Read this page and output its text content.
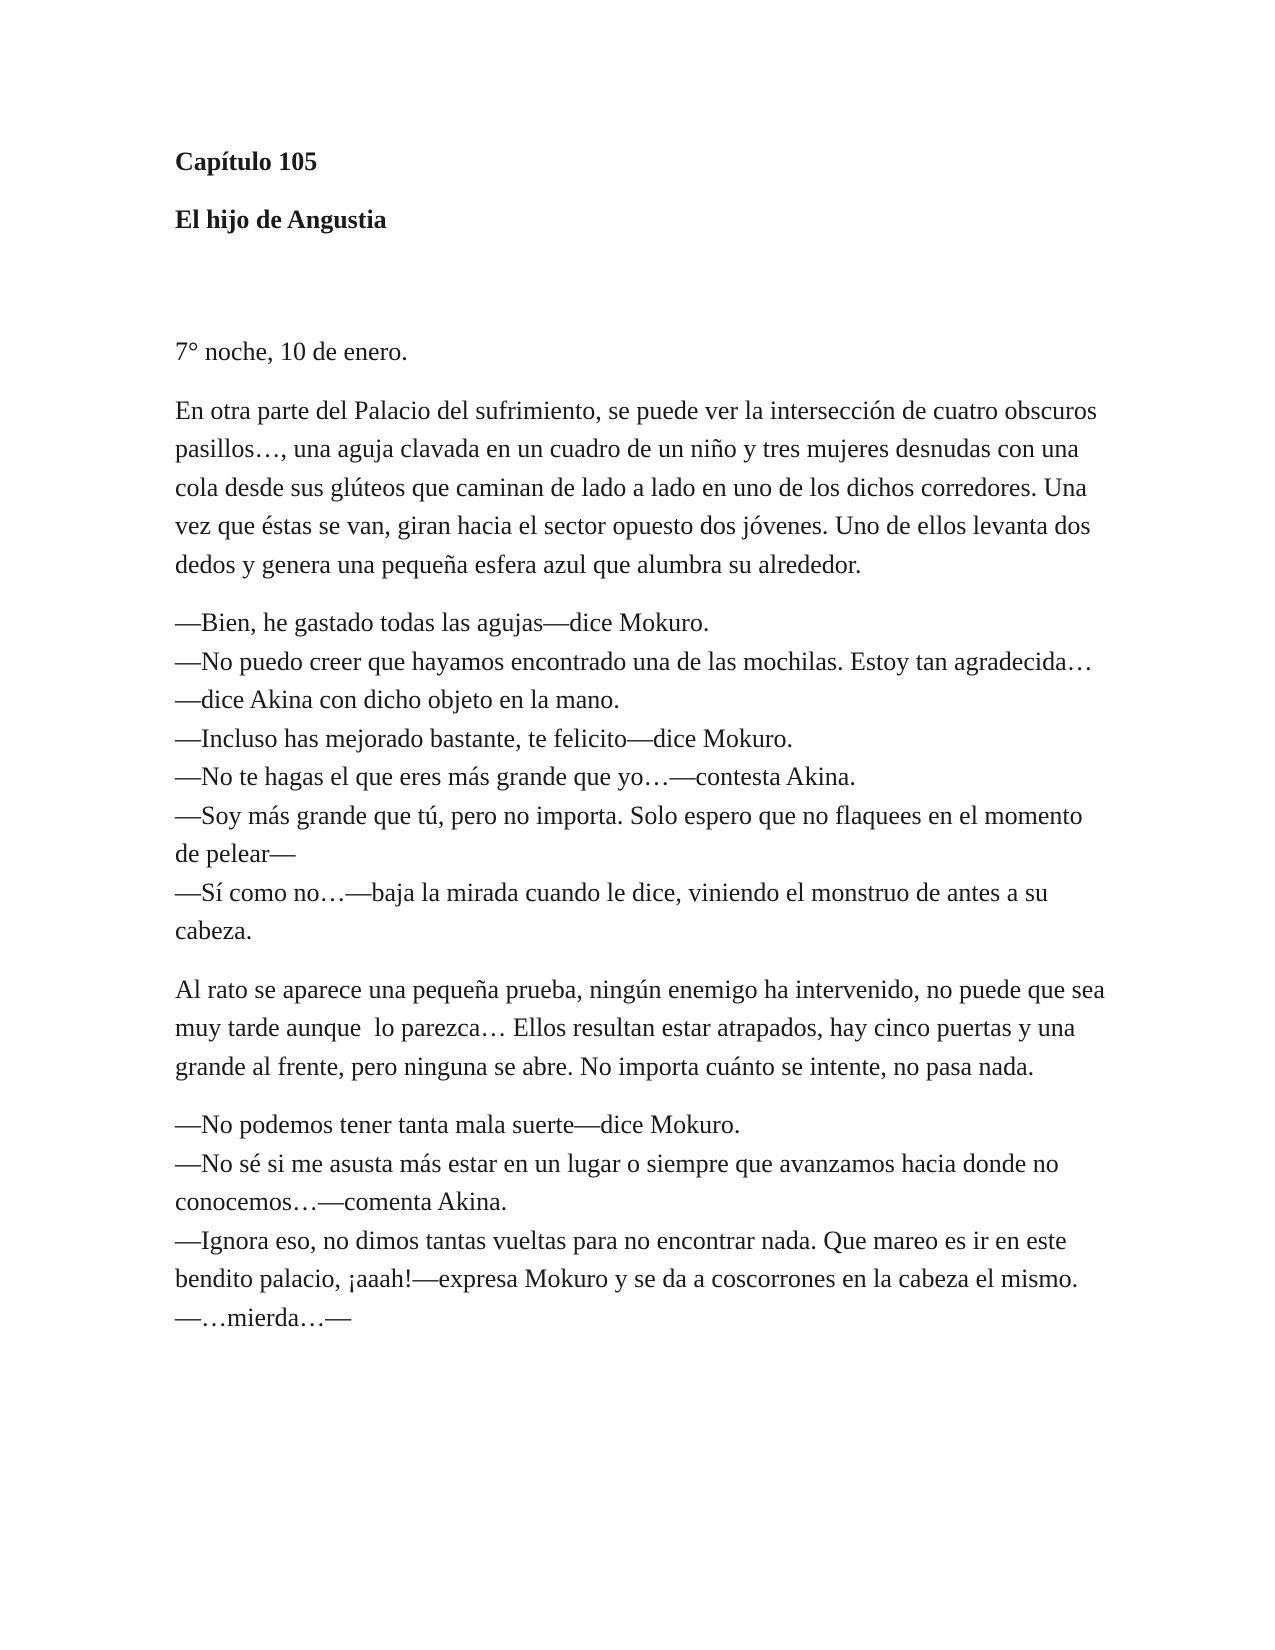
Capítulo 105
El hijo de Angustia

7° noche, 10 de enero.

En otra parte del Palacio del sufrimiento, se puede ver la intersección de cuatro obscuros pasillos…, una aguja clavada en un cuadro de un niño y tres mujeres desnudas con una cola desde sus glúteos que caminan de lado a lado en uno de los dichos corredores. Una vez que éstas se van, giran hacia el sector opuesto dos jóvenes. Uno de ellos levanta dos dedos y genera una pequeña esfera azul que alumbra su alrededor.

—Bien, he gastado todas las agujas—dice Mokuro.

—No puedo creer que hayamos encontrado una de las mochilas. Estoy tan agradecida…—dice Akina con dicho objeto en la mano.

—Incluso has mejorado bastante, te felicito—dice Mokuro.

—No te hagas el que eres más grande que yo…—contesta Akina.

—Soy más grande que tú, pero no importa. Solo espero que no flaquees en el momento de pelear—

—Sí como no…—baja la mirada cuando le dice, viniendo el monstruo de antes a su cabeza.

Al rato se aparece una pequeña prueba, ningún enemigo ha intervenido, no puede que sea muy tarde aunque  lo parezca… Ellos resultan estar atrapados, hay cinco puertas y una grande al frente, pero ninguna se abre. No importa cuánto se intente, no pasa nada.

—No podemos tener tanta mala suerte—dice Mokuro.

—No sé si me asusta más estar en un lugar o siempre que avanzamos hacia donde no conocemos…—comenta Akina.

—Ignora eso, no dimos tantas vueltas para no encontrar nada. Que mareo es ir en este bendito palacio, ¡aaah!—expresa Mokuro y se da a coscorrones en la cabeza el mismo.

—…mierda…—
